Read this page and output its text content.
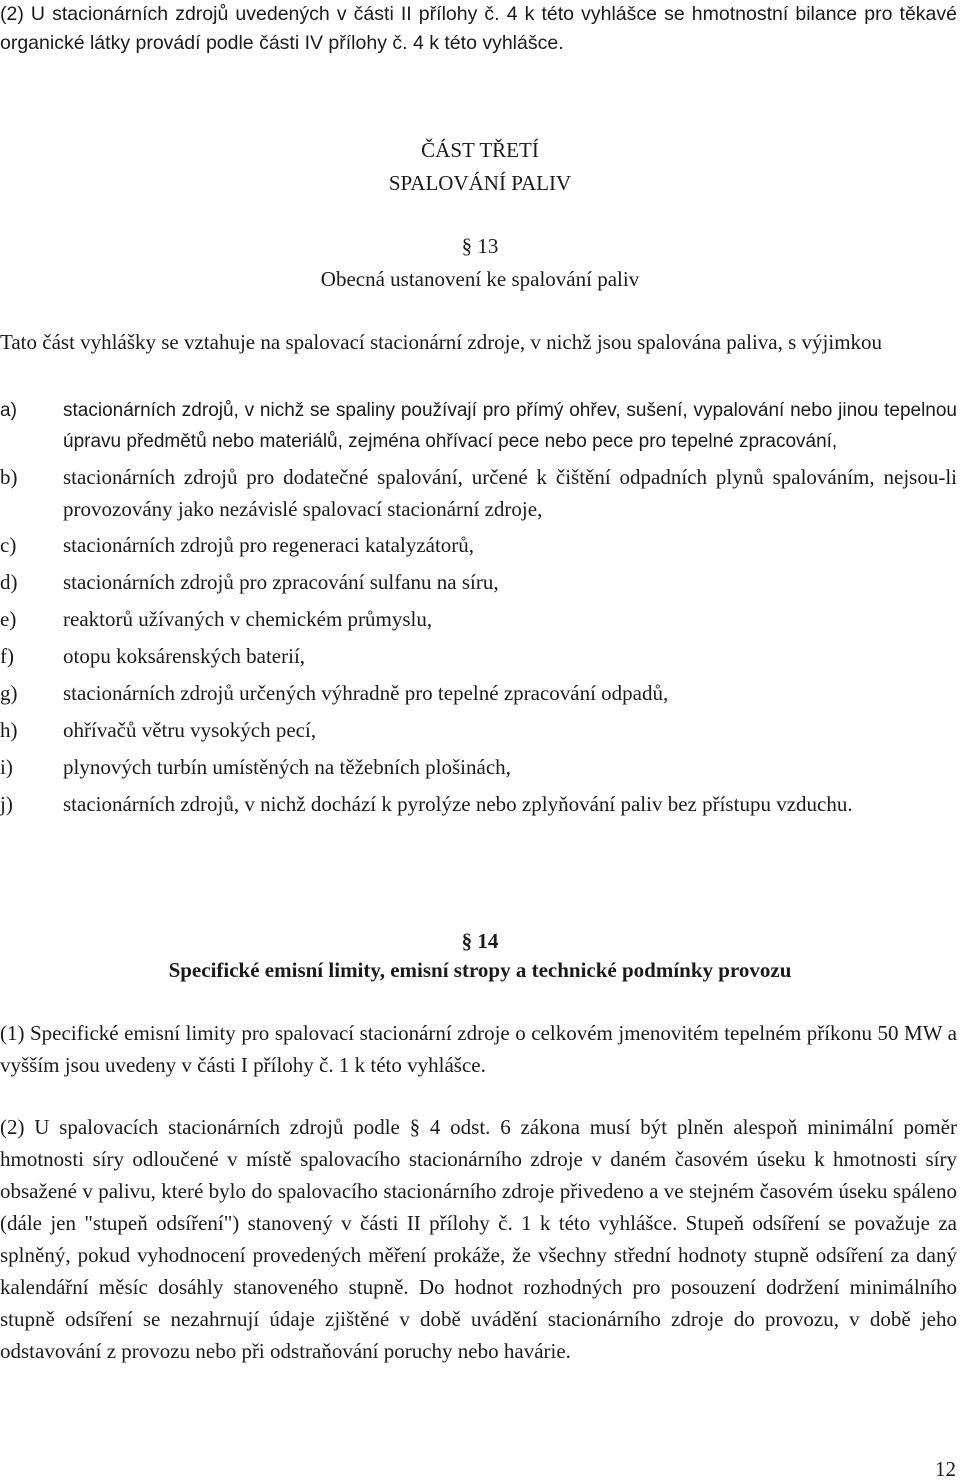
(2) U stacionárních zdrojů uvedených v části II přílohy č. 4 k této vyhlášce se hmotnostní bilance pro těkavé organické látky provádí podle části IV přílohy č. 4 k této vyhlášce.
ČÁST TŘETÍ
SPALOVÁNÍ PALIV
§ 13
Obecná ustanovení ke spalování paliv
Tato část vyhlášky se vztahuje na spalovací stacionární zdroje, v nichž jsou spalována paliva, s výjimkou
a) stacionárních zdrojů, v nichž se spaliny používají pro přímý ohřev, sušení, vypalování nebo jinou tepelnou úpravu předmětů nebo materiálů, zejména ohřívací pece nebo pece pro tepelné zpracování,
b) stacionárních zdrojů pro dodatečné spalování, určené k čištění odpadních plynů spalováním, nejsou-li provozovány jako nezávislé spalovací stacionární zdroje,
c) stacionárních zdrojů pro regeneraci katalyzátorů,
d) stacionárních zdrojů pro zpracování sulfanu na síru,
e) reaktorů užívaných v chemickém průmyslu,
f) otopu koksárenských baterií,
g) stacionárních zdrojů určených výhradně pro tepelné zpracování odpadů,
h) ohřívačů větru vysokých pecí,
i) plynových turbín umístěných na těžebních plošinách,
j) stacionárních zdrojů, v nichž dochází k pyrolýze nebo zplyňování paliv bez přístupu vzduchu.
§ 14
Specifické emisní limity, emisní stropy a technické podmínky provozu
(1) Specifické emisní limity pro spalovací stacionární zdroje o celkovém jmenovitém tepelném příkonu 50 MW a vyšším jsou uvedeny v části I přílohy č. 1 k této vyhlášce.
(2) U spalovacích stacionárních zdrojů podle § 4 odst. 6 zákona musí být plněn alespoň minimální poměr hmotnosti síry odloučené v místě spalovacího stacionárního zdroje v daném časovém úseku k hmotnosti síry obsažené v palivu, které bylo do spalovacího stacionárního zdroje přivedeno a ve stejném časovém úseku spáleno (dále jen "stupeň odsíření") stanovený v části II přílohy č. 1 k této vyhlášce. Stupeň odsíření se považuje za splněný, pokud vyhodnocení provedených měření prokáže, že všechny střední hodnoty stupně odsíření za daný kalendářní měsíc dosáhly stanoveného stupně. Do hodnot rozhodných pro posouzení dodržení minimálního stupně odsíření se nezahrnují údaje zjištěné v době uvádění stacionárního zdroje do provozu, v době jeho odstavování z provozu nebo při odstraňování poruchy nebo havárie.
12
